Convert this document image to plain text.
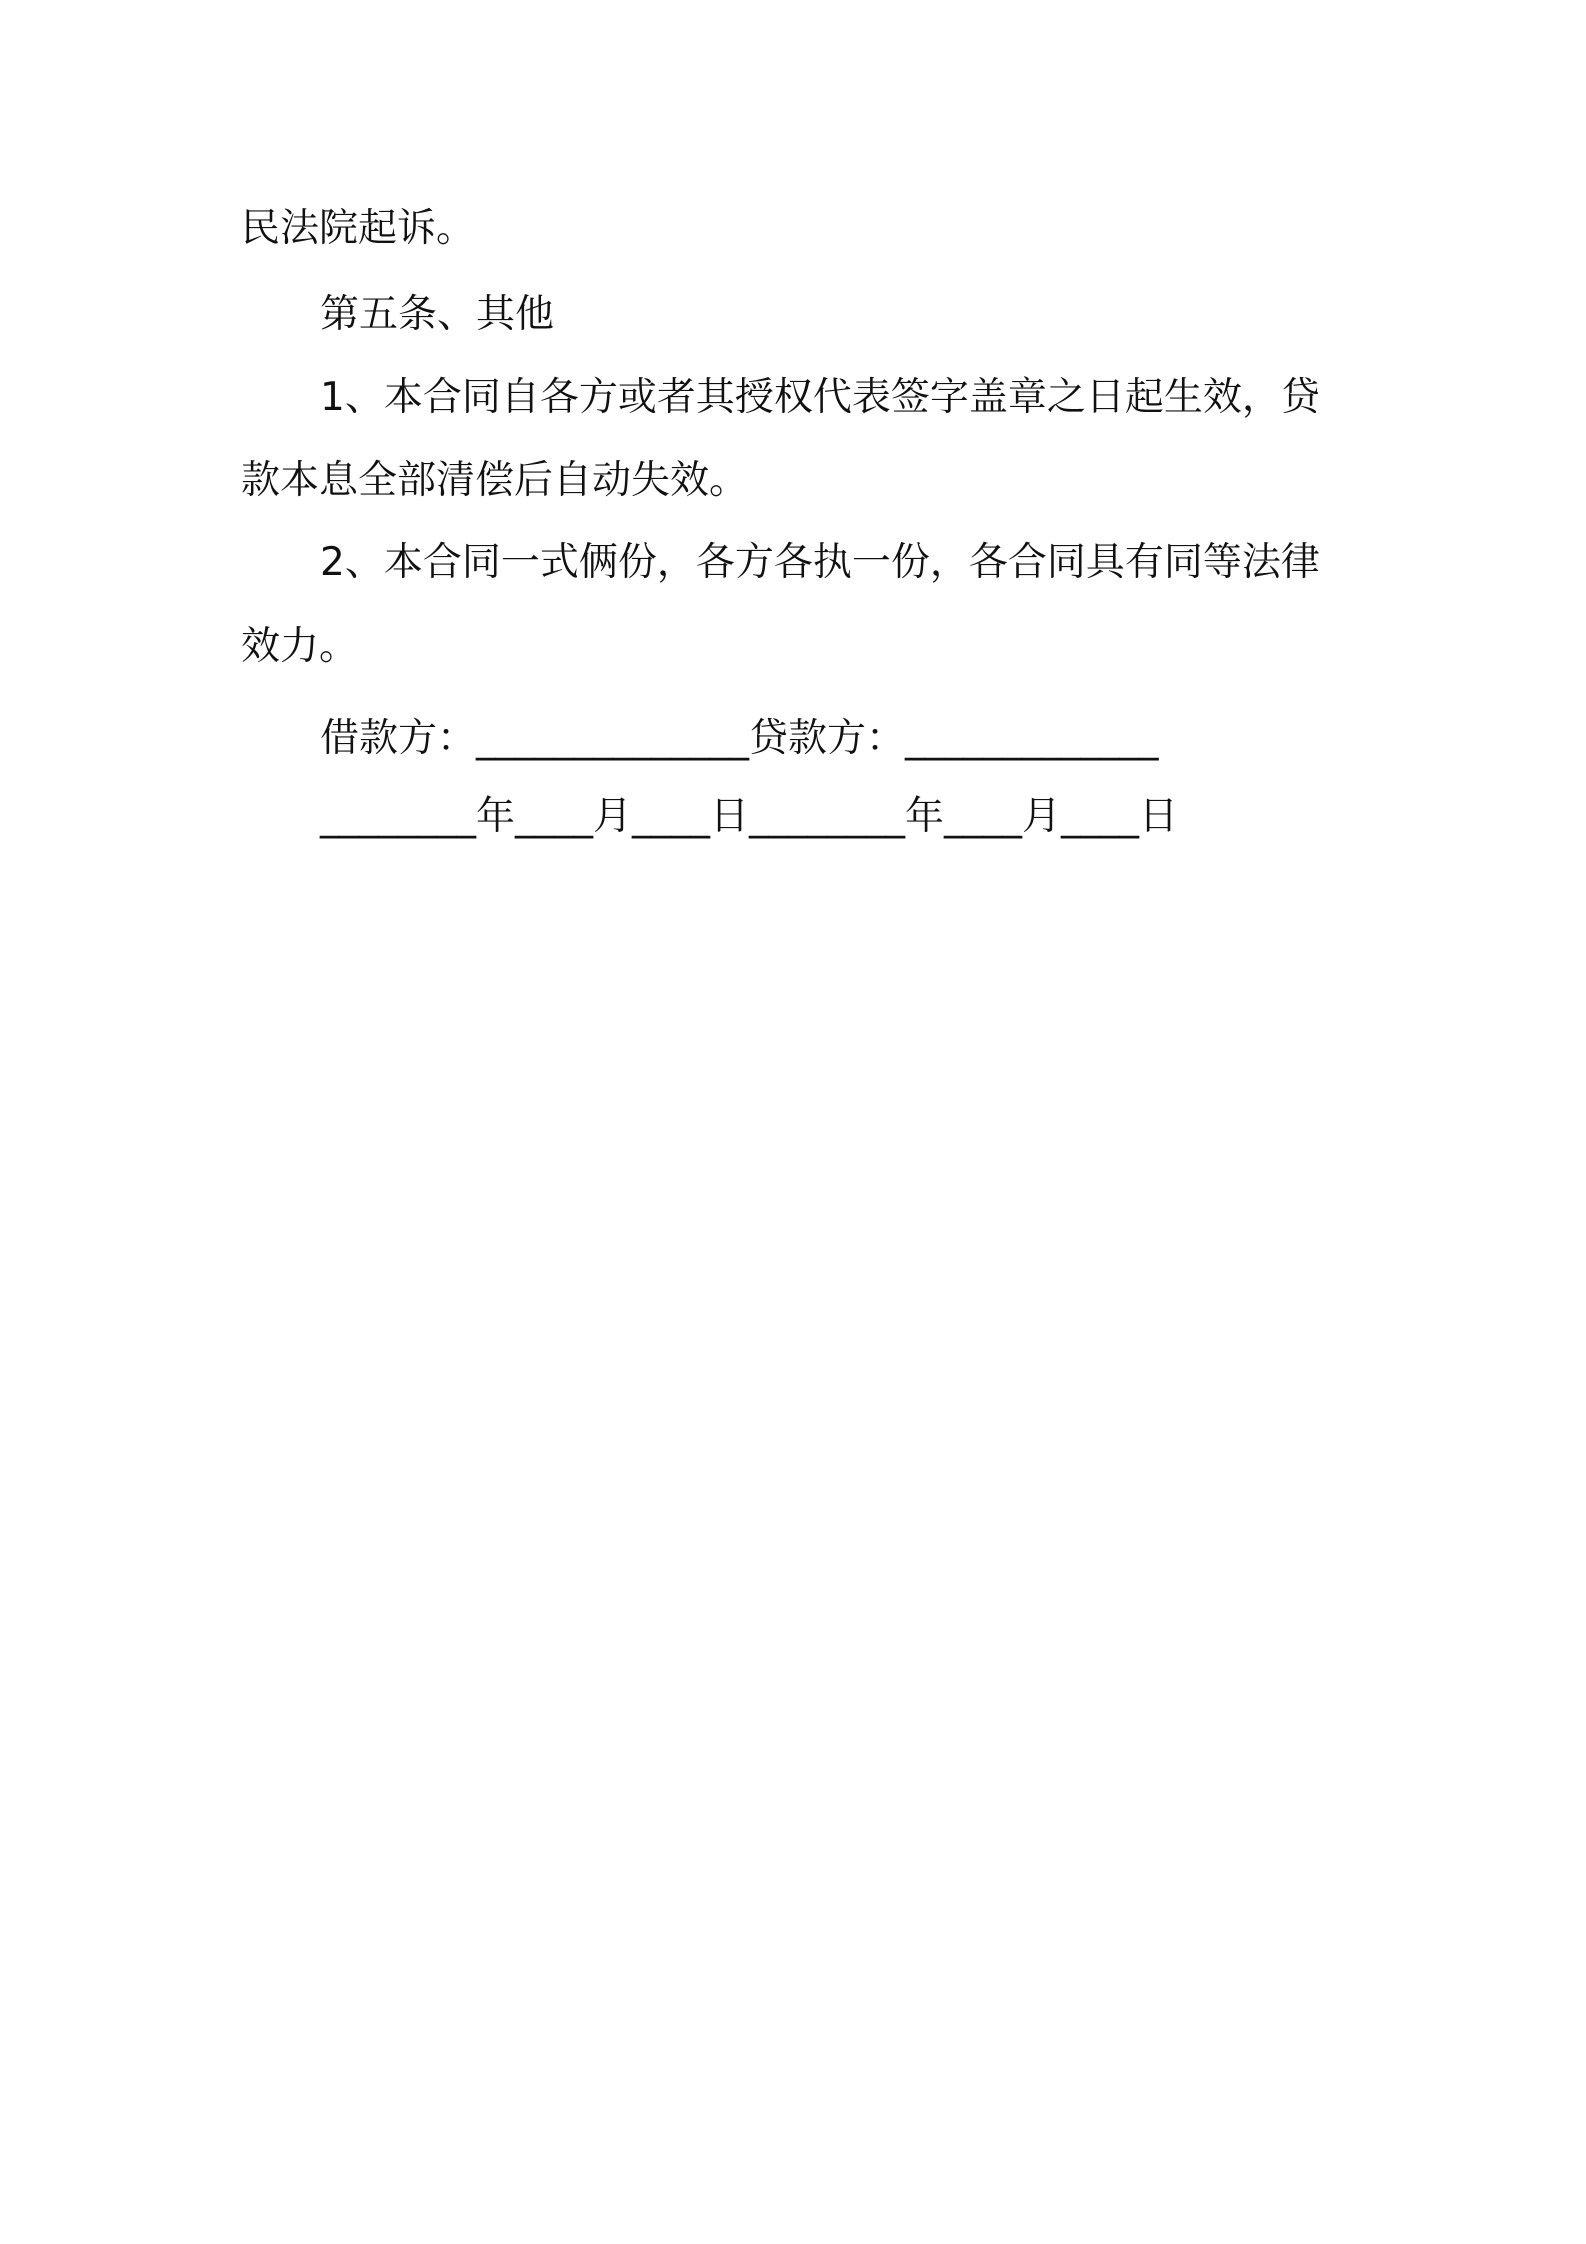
民法院起诉。
第五条、其他
1、本合同自各方或者其授权代表签字盖章之日起生效，贷
款本息全部清偿后自动失效。
2、本合同一式俩份，各方各执一份，各合同具有同等法律
效力。
借款方：______________贷款方：_____________
________年____月____日________年____月____日
